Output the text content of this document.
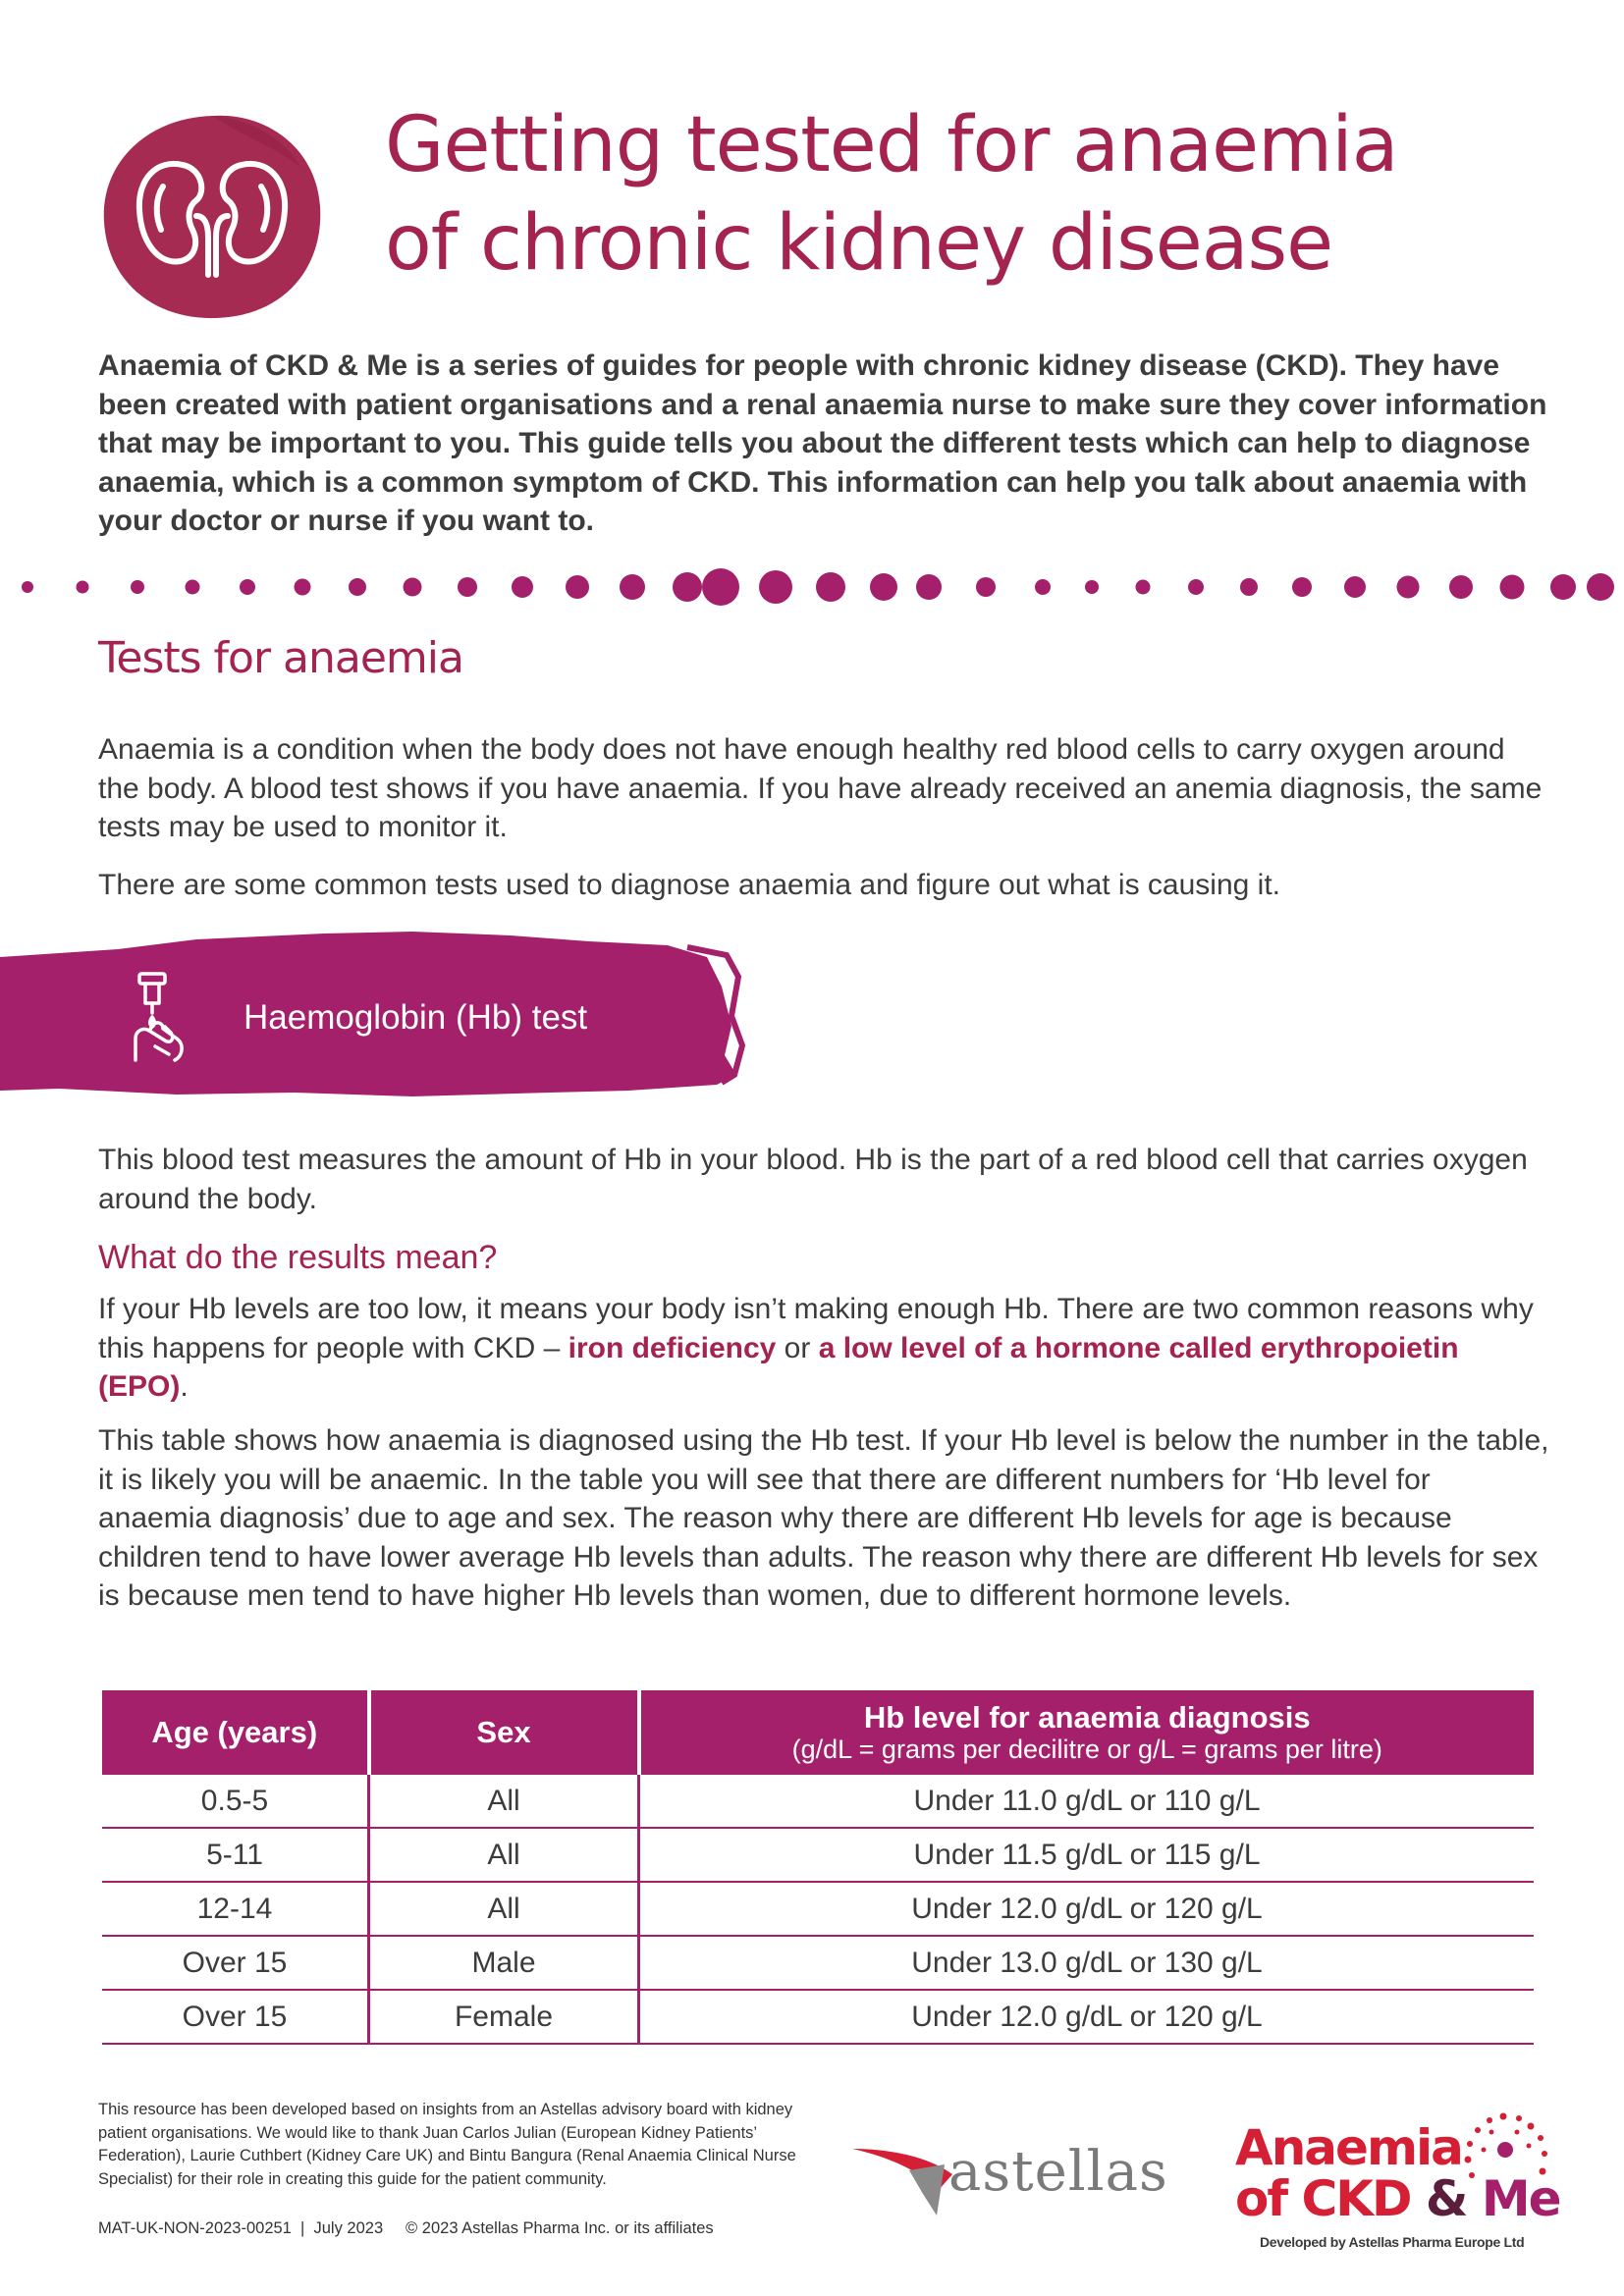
Getting tested for anaemia
of chronic kidney disease

Anaemia of CKD & Me is a series of guides for people with chronic kidney disease (CKD). They have been created with patient organisations and a renal anaemia nurse to make sure they cover information that may be important to you. This guide tells you about the different tests which can help to diagnose anaemia, which is a common symptom of CKD. This information can help you talk about anaemia with your doctor or nurse if you want to.

Tests for anaemia

Anaemia is a condition when the body does not have enough healthy red blood cells to carry oxygen around the body. A blood test shows if you have anaemia. If you have already received an anemia diagnosis, the same tests may be used to monitor it.

There are some common tests used to diagnose anaemia and figure out what is causing it.

Haemoglobin (Hb) test

This blood test measures the amount of Hb in your blood. Hb is the part of a red blood cell that carries oxygen around the body.

What do the results mean?

If your Hb levels are too low, it means your body isn’t making enough Hb. There are two common reasons why this happens for people with CKD – iron deficiency or a low level of a hormone called erythropoietin (EPO).

This table shows how anaemia is diagnosed using the Hb test. If your Hb level is below the number in the table, it is likely you will be anaemic. In the table you will see that there are different numbers for ‘Hb level for anaemia diagnosis’ due to age and sex. The reason why there are different Hb levels for age is because children tend to have lower average Hb levels than adults. The reason why there are different Hb levels for sex is because men tend to have higher Hb levels than women, due to different hormone levels.

Age (years)	Sex	Hb level for anaemia diagnosis
(g/dL = grams per decilitre or g/L = grams per litre)

0.5-5	All	Under 11.0 g/dL or 110 g/L
5-11	All	Under 11.5 g/dL or 115 g/L
12-14	All	Under 12.0 g/dL or 120 g/L
Over 15	Male	Under 13.0 g/dL or 130 g/L
Over 15	Female	Under 12.0 g/dL or 120 g/L

This resource has been developed based on insights from an Astellas advisory board with kidney patient organisations. We would like to thank Juan Carlos Julian (European Kidney Patients’ Federation), Laurie Cuthbert (Kidney Care UK) and Bintu Bangura (Renal Anaemia Clinical Nurse Specialist) for their role in creating this guide for the patient community.

MAT-UK-NON-2023-00251  |  July 2023 © 2023 Astellas Pharma Inc. or its affiliates

astellas Anaemia

of CKD & Me

Developed by Astellas Pharma Europe Ltd
